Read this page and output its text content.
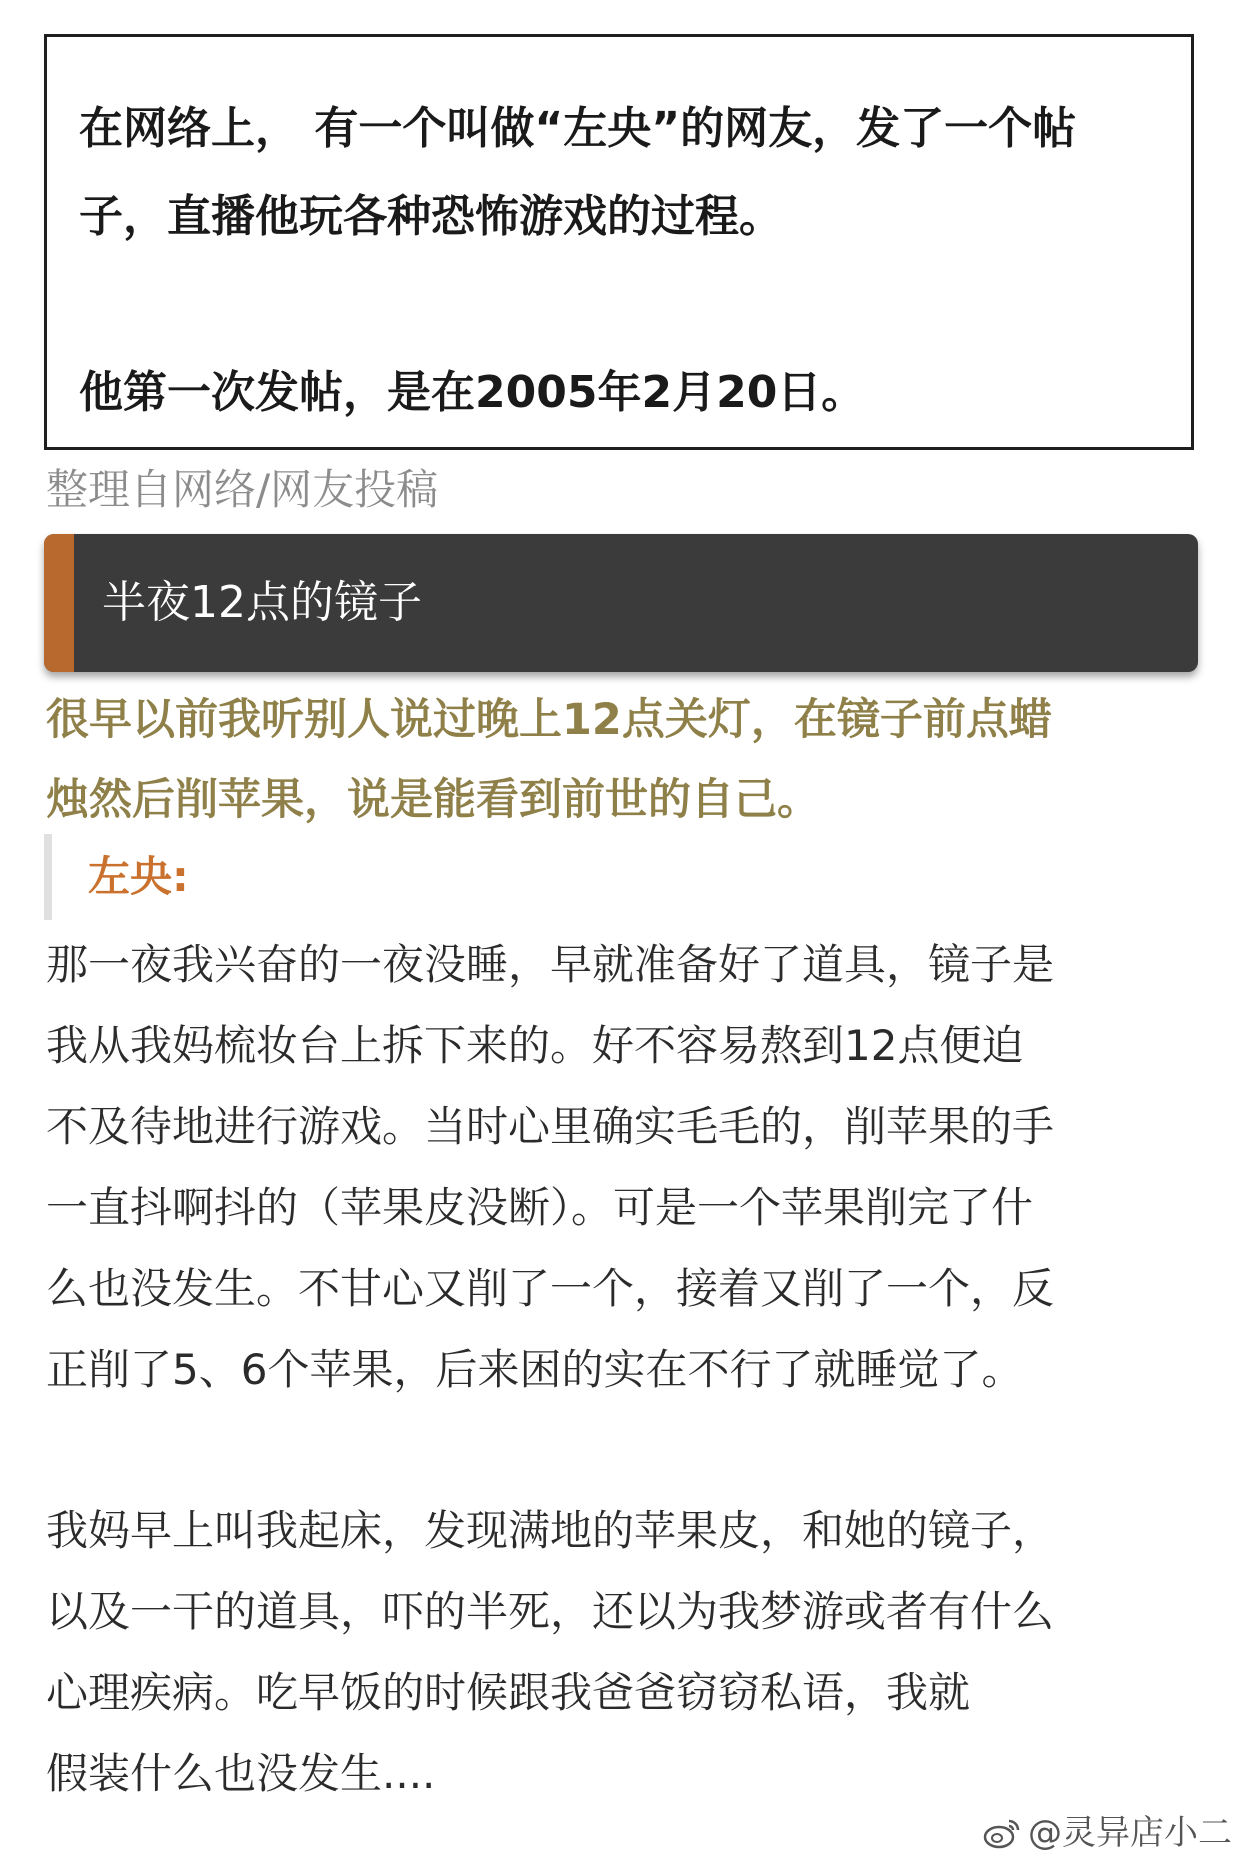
在网络上， 有一个叫做“左央”的网友，发了一个帖
子，直播他玩各种恐怖游戏的过程。
他第一次发帖，是在2005年2月20日。
整理自网络/网友投稿
半夜12点的镜子
很早以前我听别人说过晚上12点关灯，在镜子前点蜡
烛然后削苹果，说是能看到前世的自己。
左央:
那一夜我兴奋的一夜没睡，早就准备好了道具，镜子是
我从我妈梳妆台上拆下来的。好不容易熬到12点便迫
不及待地进行游戏。当时心里确实毛毛的，削苹果的手
一直抖啊抖的（苹果皮没断）。可是一个苹果削完了什
么也没发生。不甘心又削了一个，接着又削了一个，反
正削了5、6个苹果，后来困的实在不行了就睡觉了。
我妈早上叫我起床，发现满地的苹果皮，和她的镜子，
以及一干的道具，吓的半死，还以为我梦游或者有什么
心理疾病。吃早饭的时候跟我爸爸窃窃私语，我就
假装什么也没发生....
@灵异店小二
